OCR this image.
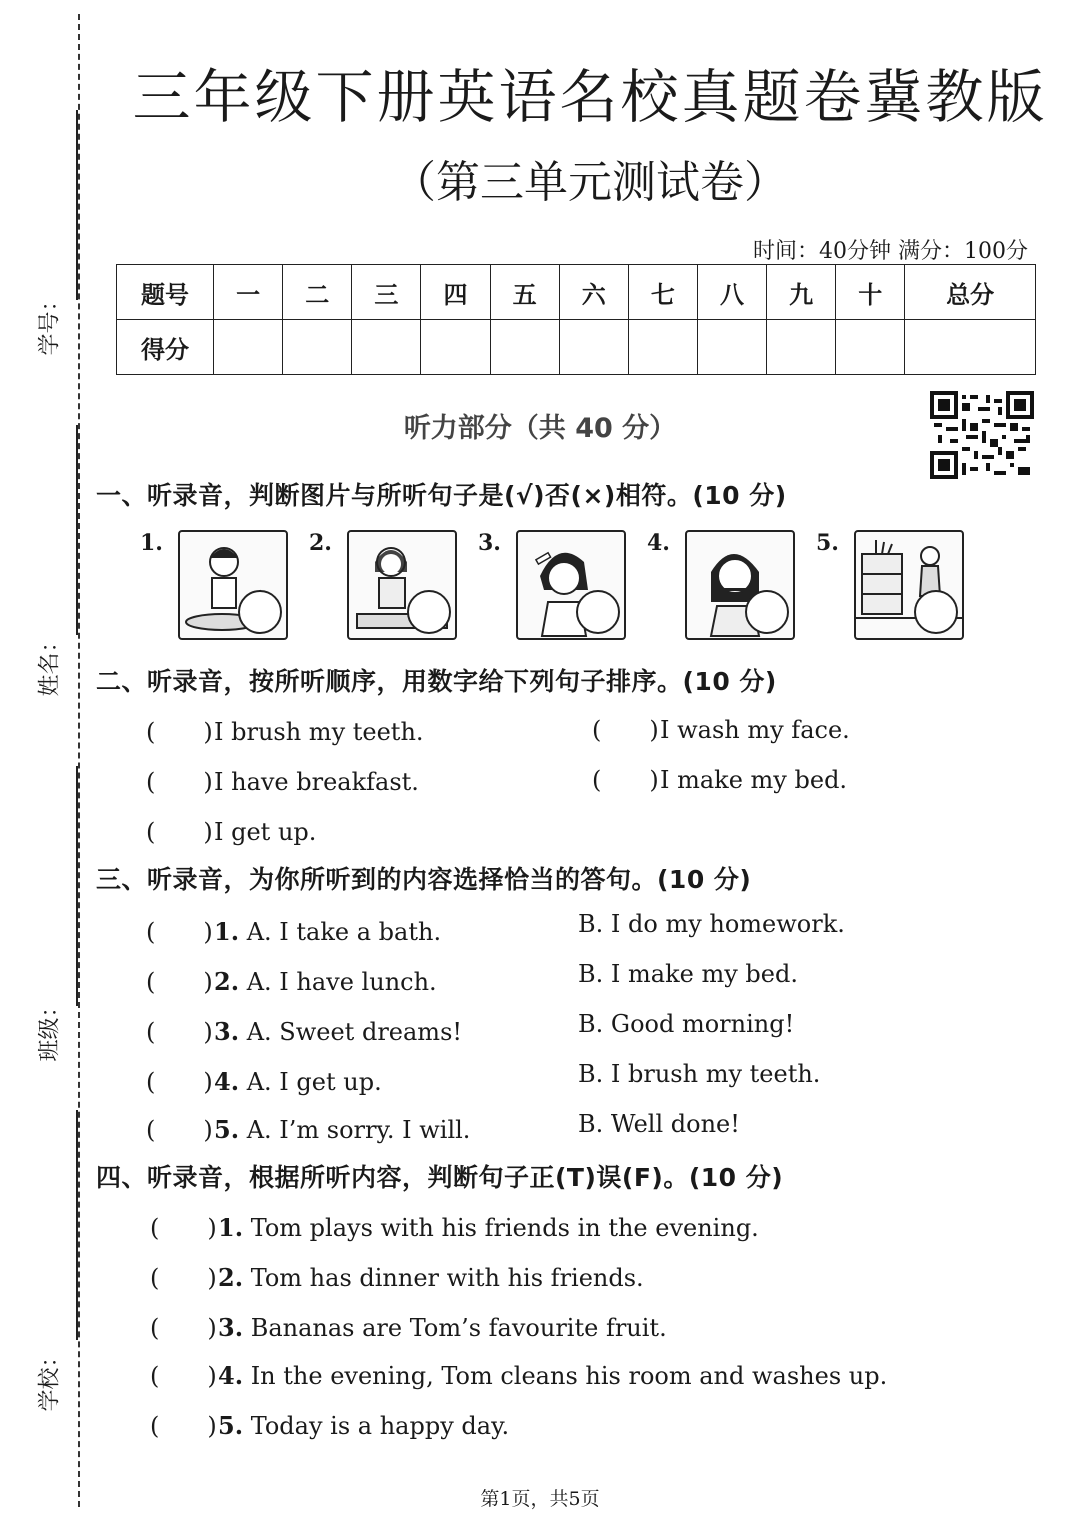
学号：
姓名：
班级：
学校：
三年级下册英语名校真题卷冀教版
（第三单元测试卷）
时间：40分钟 满分：100分
题号	一	二	三	四	五	六	七	八	九	十	总分
得分											
听力部分（共 40 分）
一、听录音，判断图片与所听句子是(√)否(×)相符。(10 分)
1.	2.	3.	4.	5.
二、听录音，按所听顺序，用数字给下列句子排序。(10 分)
(　　)I brush my teeth.	(　　)I wash my face.
(　　)I have breakfast.	(　　)I make my bed.
(　　)I get up.
三、听录音，为你所听到的内容选择恰当的答句。(10 分)
(　　)1. A. I take a bath.	B. I do my homework.
(　　)2. A. I have lunch.	B. I make my bed.
(　　)3. A. Sweet dreams!	B. Good morning!
(　　)4. A. I get up.	B. I brush my teeth.
(　　)5. A. I’m sorry. I will.	B. Well done!
四、听录音，根据所听内容，判断句子正(T)误(F)。(10 分)
(　　)1. Tom plays with his friends in the evening.
(　　)2. Tom has dinner with his friends.
(　　)3. Bananas are Tom’s favourite fruit.
(　　)4. In the evening, Tom cleans his room and washes up.
(　　)5. Today is a happy day.
第1页，共5页
